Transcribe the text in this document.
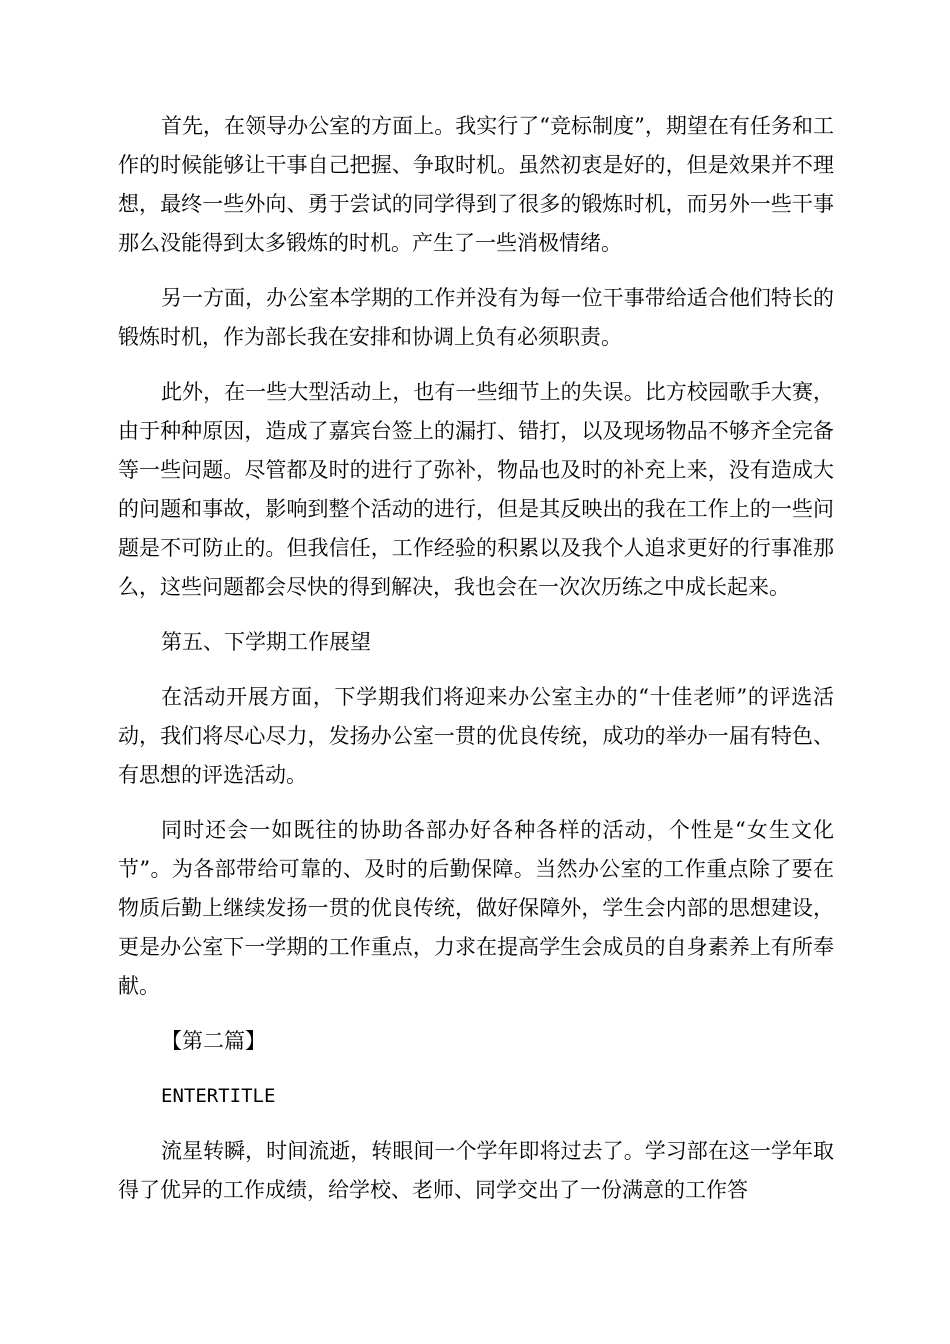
首先，在领导办公室的方面上。我实行了“竞标制度”，期望在有任务和工作的时候能够让干事自己把握、争取时机。虽然初衷是好的，但是效果并不理想，最终一些外向、勇于尝试的同学得到了很多的锻炼时机，而另外一些干事那么没能得到太多锻炼的时机。产生了一些消极情绪。

另一方面，办公室本学期的工作并没有为每一位干事带给适合他们特长的锻炼时机，作为部长我在安排和协调上负有必须职责。

此外，在一些大型活动上，也有一些细节上的失误。比方校园歌手大赛，由于种种原因，造成了嘉宾台签上的漏打、错打，以及现场物品不够齐全完备等一些问题。尽管都及时的进行了弥补，物品也及时的补充上来，没有造成大的问题和事故，影响到整个活动的进行，但是其反映出的我在工作上的一些问题是不可防止的。但我信任，工作经验的积累以及我个人追求更好的行事准那么，这些问题都会尽快的得到解决，我也会在一次次历练之中成长起来。

第五、下学期工作展望

在活动开展方面，下学期我们将迎来办公室主办的“十佳老师”的评选活动，我们将尽心尽力，发扬办公室一贯的优良传统，成功的举办一届有特色、有思想的评选活动。

同时还会一如既往的协助各部办好各种各样的活动，个性是“女生文化节”。为各部带给可靠的、及时的后勤保障。当然办公室的工作重点除了要在物质后勤上继续发扬一贯的优良传统，做好保障外，学生会内部的思想建设，更是办公室下一学期的工作重点，力求在提高学生会成员的自身素养上有所奉献。

【第二篇】

ENTERTITLE

流星转瞬，时间流逝，转眼间一个学年即将过去了。学习部在这一学年取得了优异的工作成绩，给学校、老师、同学交出了一份满意的工作答
